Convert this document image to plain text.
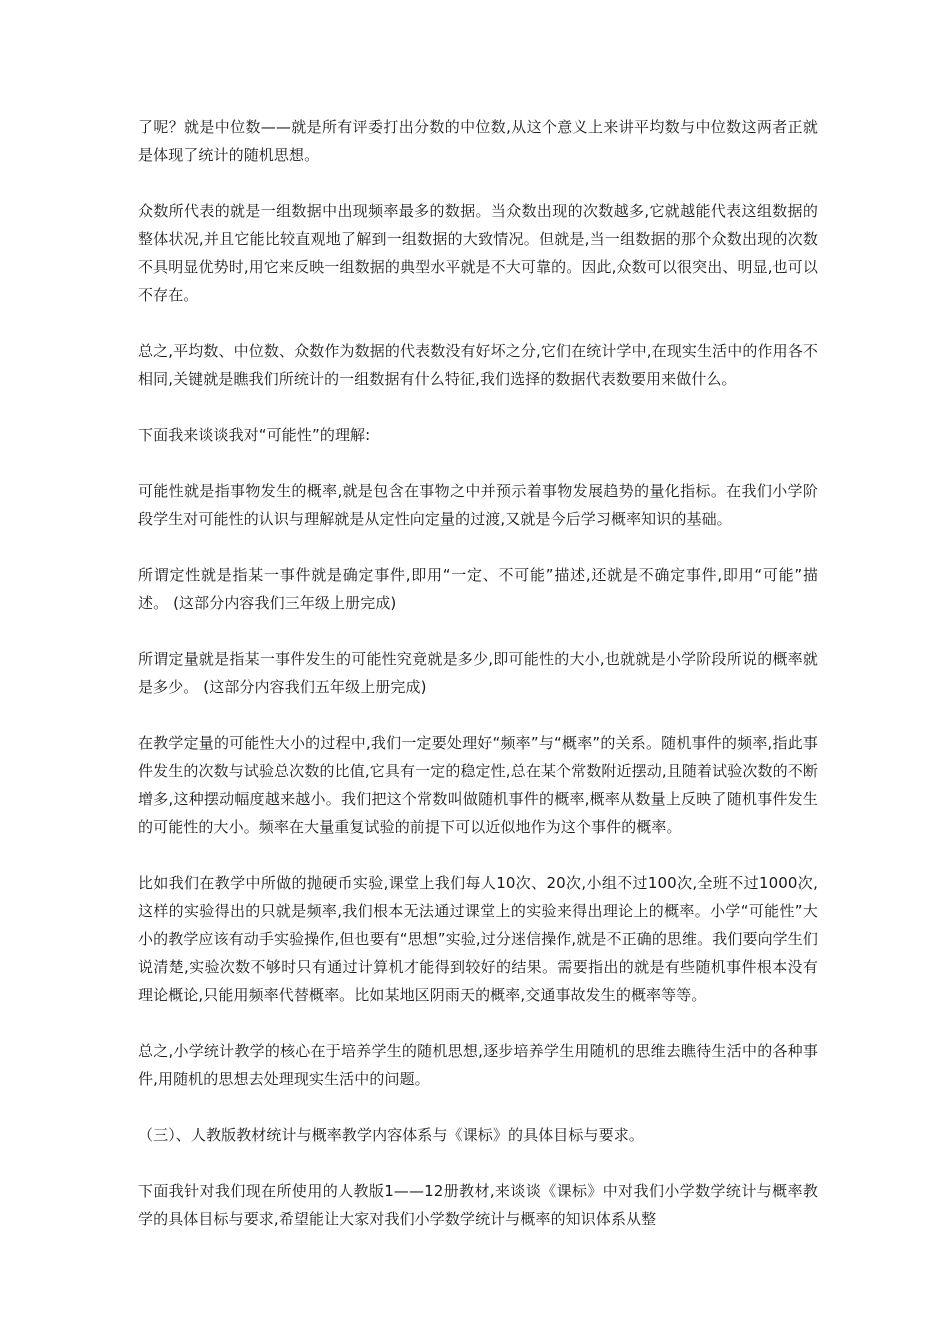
了呢？就是中位数——就是所有评委打出分数的中位数,从这个意义上来讲平均数与中位数这两者正就是体现了统计的随机思想。

众数所代表的就是一组数据中出现频率最多的数据。当众数出现的次数越多,它就越能代表这组数据的整体状况,并且它能比较直观地了解到一组数据的大致情况。但就是,当一组数据的那个众数出现的次数不具明显优势时,用它来反映一组数据的典型水平就是不大可靠的。因此,众数可以很突出、明显,也可以不存在。

总之,平均数、中位数、众数作为数据的代表数没有好坏之分,它们在统计学中,在现实生活中的作用各不相同,关键就是瞧我们所统计的一组数据有什么特征,我们选择的数据代表数要用来做什么。

下面我来谈谈我对“可能性”的理解:

可能性就是指事物发生的概率,就是包含在事物之中并预示着事物发展趋势的量化指标。在我们小学阶段学生对可能性的认识与理解就是从定性向定量的过渡,又就是今后学习概率知识的基础。

所谓定性就是指某一事件就是确定事件,即用“一定、不可能”描述,还就是不确定事件,即用“可能”描述。 (这部分内容我们三年级上册完成)

所谓定量就是指某一事件发生的可能性究竟就是多少,即可能性的大小,也就就是小学阶段所说的概率就是多少。 (这部分内容我们五年级上册完成)

在教学定量的可能性大小的过程中,我们一定要处理好“频率”与“概率”的关系。随机事件的频率,指此事件发生的次数与试验总次数的比值,它具有一定的稳定性,总在某个常数附近摆动,且随着试验次数的不断增多,这种摆动幅度越来越小。我们把这个常数叫做随机事件的概率,概率从数量上反映了随机事件发生的可能性的大小。频率在大量重复试验的前提下可以近似地作为这个事件的概率。

比如我们在教学中所做的抛硬币实验,课堂上我们每人10次、20次,小组不过100次,全班不过1000次,这样的实验得出的只就是频率,我们根本无法通过课堂上的实验来得出理论上的概率。小学“可能性”大小的教学应该有动手实验操作,但也要有“思想”实验,过分迷信操作,就是不正确的思维。我们要向学生们说清楚,实验次数不够时只有通过计算机才能得到较好的结果。需要指出的就是有些随机事件根本没有理论概论,只能用频率代替概率。比如某地区阴雨天的概率,交通事故发生的概率等等。

总之,小学统计教学的核心在于培养学生的随机思想,逐步培养学生用随机的思维去瞧待生活中的各种事件,用随机的思想去处理现实生活中的问题。

（三）、人教版教材统计与概率教学内容体系与《课标》的具体目标与要求。

下面我针对我们现在所使用的人教版1——12册教材,来谈谈《课标》中对我们小学数学统计与概率教学的具体目标与要求,希望能让大家对我们小学数学统计与概率的知识体系从整
